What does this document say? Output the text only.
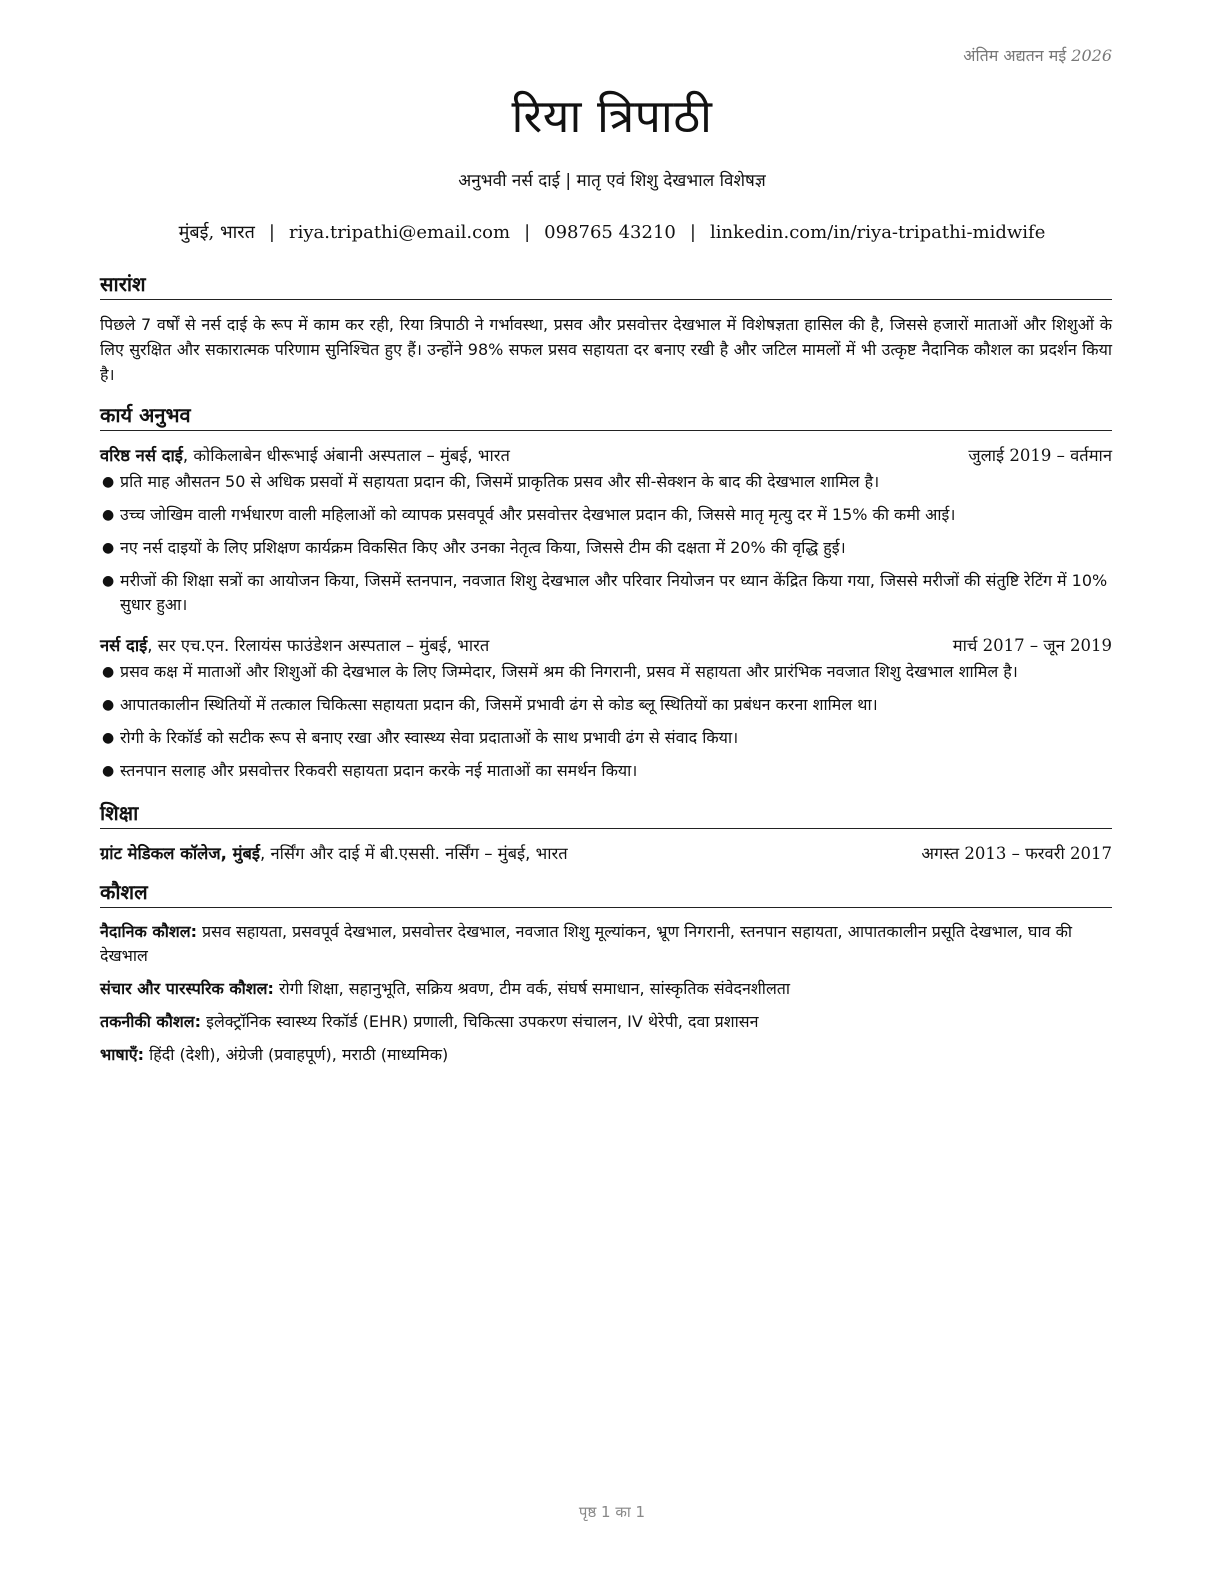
अंतिम अद्यतन मई 2026
रिया त्रिपाठी
अनुभवी नर्स दाई | मातृ एवं शिशु देखभाल विशेषज्ञ
मुंबई, भारत | riya.tripathi@email.com | 098765 43210 | linkedin.com/in/riya-tripathi-midwife
सारांश
पिछले 7 वर्षों से नर्स दाई के रूप में काम कर रही, रिया त्रिपाठी ने गर्भावस्था, प्रसव और प्रसवोत्तर देखभाल में विशेषज्ञता हासिल की है, जिससे हजारों माताओं और शिशुओं के लिए सुरक्षित और सकारात्मक परिणाम सुनिश्चित हुए हैं। उन्होंने 98% सफल प्रसव सहायता दर बनाए रखी है और जटिल मामलों में भी उत्कृष्ट नैदानिक कौशल का प्रदर्शन किया है।
कार्य अनुभव
वरिष्ठ नर्स दाई, कोकिलाबेन धीरूभाई अंबानी अस्पताल – मुंबई, भारत	जुलाई 2019 – वर्तमान
● प्रति माह औसतन 50 से अधिक प्रसवों में सहायता प्रदान की, जिसमें प्राकृतिक प्रसव और सी-सेक्शन के बाद की देखभाल शामिल है।
● उच्च जोखिम वाली गर्भधारण वाली महिलाओं को व्यापक प्रसवपूर्व और प्रसवोत्तर देखभाल प्रदान की, जिससे मातृ मृत्यु दर में 15% की कमी आई।
● नए नर्स दाइयों के लिए प्रशिक्षण कार्यक्रम विकसित किए और उनका नेतृत्व किया, जिससे टीम की दक्षता में 20% की वृद्धि हुई।
● मरीजों की शिक्षा सत्रों का आयोजन किया, जिसमें स्तनपान, नवजात शिशु देखभाल और परिवार नियोजन पर ध्यान केंद्रित किया गया, जिससे मरीजों की संतुष्टि रेटिंग में 10% सुधार हुआ।
नर्स दाई, सर एच.एन. रिलायंस फाउंडेशन अस्पताल – मुंबई, भारत	मार्च 2017 – जून 2019
● प्रसव कक्ष में माताओं और शिशुओं की देखभाल के लिए जिम्मेदार, जिसमें श्रम की निगरानी, प्रसव में सहायता और प्रारंभिक नवजात शिशु देखभाल शामिल है।
● आपातकालीन स्थितियों में तत्काल चिकित्सा सहायता प्रदान की, जिसमें प्रभावी ढंग से कोड ब्लू स्थितियों का प्रबंधन करना शामिल था।
● रोगी के रिकॉर्ड को सटीक रूप से बनाए रखा और स्वास्थ्य सेवा प्रदाताओं के साथ प्रभावी ढंग से संवाद किया।
● स्तनपान सलाह और प्रसवोत्तर रिकवरी सहायता प्रदान करके नई माताओं का समर्थन किया।
शिक्षा
ग्रांट मेडिकल कॉलेज, मुंबई, नर्सिंग और दाई में बी.एससी. नर्सिंग – मुंबई, भारत	अगस्त 2013 – फरवरी 2017
कौशल
नैदानिक कौशल: प्रसव सहायता, प्रसवपूर्व देखभाल, प्रसवोत्तर देखभाल, नवजात शिशु मूल्यांकन, भ्रूण निगरानी, स्तनपान सहायता, आपातकालीन प्रसूति देखभाल, घाव की देखभाल
संचार और पारस्परिक कौशल: रोगी शिक्षा, सहानुभूति, सक्रिय श्रवण, टीम वर्क, संघर्ष समाधान, सांस्कृतिक संवेदनशीलता
तकनीकी कौशल: इलेक्ट्रॉनिक स्वास्थ्य रिकॉर्ड (EHR) प्रणाली, चिकित्सा उपकरण संचालन, IV थेरेपी, दवा प्रशासन
भाषाएँ: हिंदी (देशी), अंग्रेजी (प्रवाहपूर्ण), मराठी (माध्यमिक)
पृष्ठ 1 का 1
